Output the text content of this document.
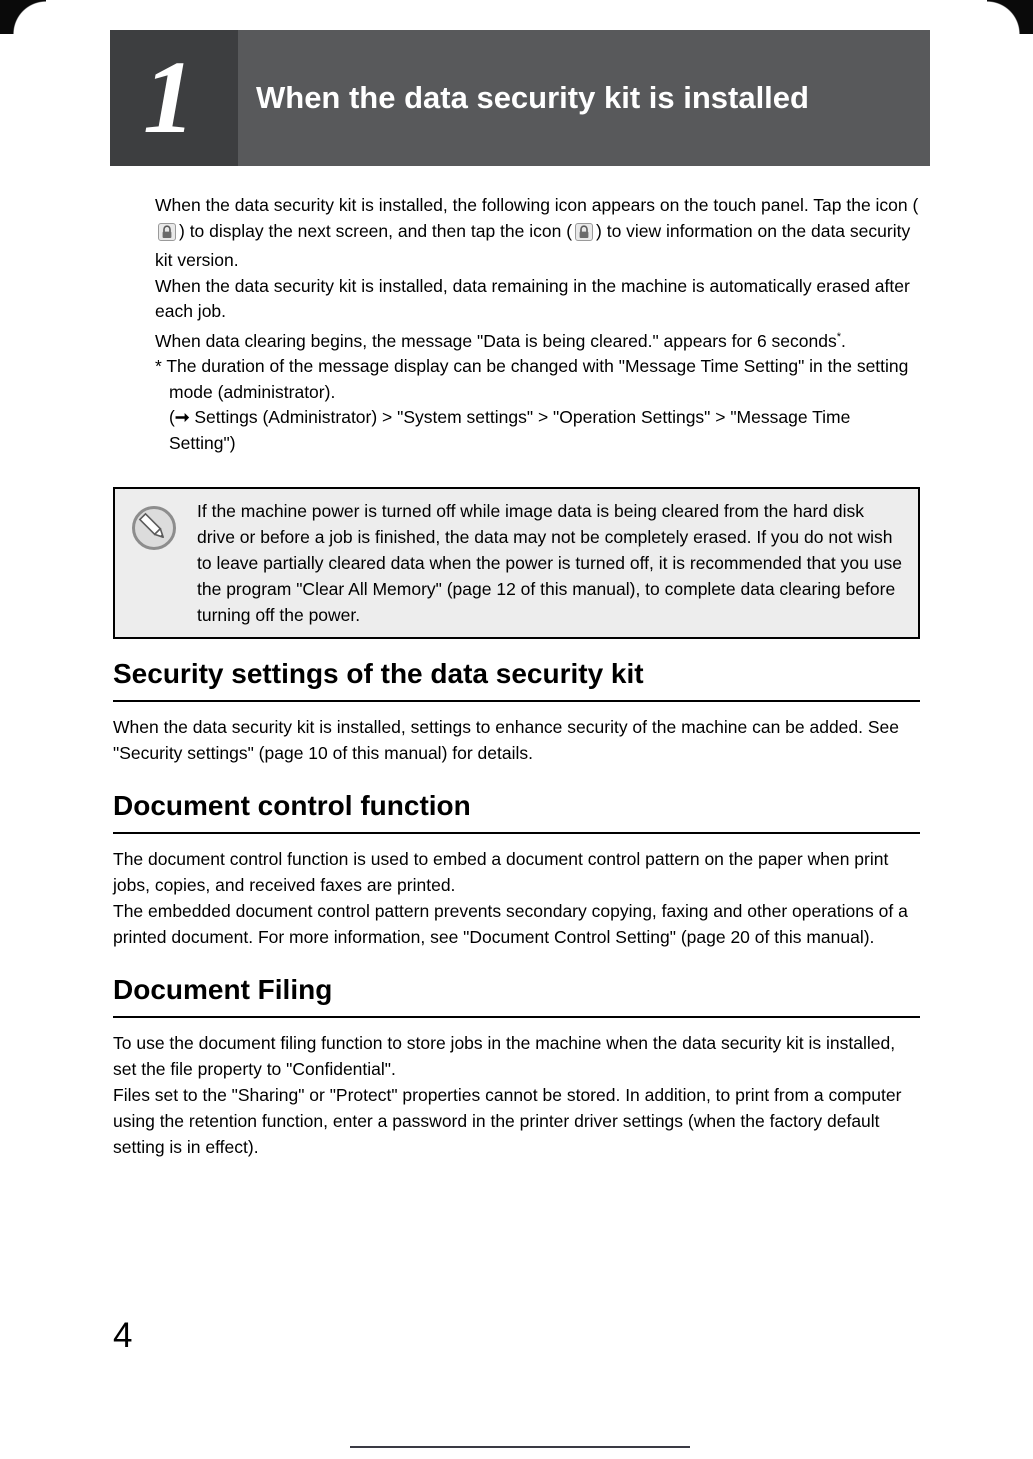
1	When the data security kit is installed

When the data security kit is installed, the following icon appears on the touch panel. Tap the icon () to display the next screen, and then tap the icon ( ) to view information on the data security kit version.

When the data security kit is installed, data remaining in the machine is automatically erased after each job.

When data clearing begins, the message "Data is being cleared." appears for 6 seconds*.

* The duration of the message display can be changed with "Message Time Setting" in the setting mode (administrator).

(➞ Settings (Administrator) > "System settings" > "Operation Settings" > "Message Time Setting")

If the machine power is turned off while image data is being cleared from the hard disk drive or before a job is finished, the data may not be completely erased. If you do not wish to leave partially cleared data when the power is turned off, it is recommended that you use the program "Clear All Memory" (page 12 of this manual), to complete data clearing before turning off the power.

Security settings of the data security kit

When the data security kit is installed, settings to enhance security of the machine can be added. See "Security settings" (page 10 of this manual) for details.

Document control function

The document control function is used to embed a document control pattern on the paper when print jobs, copies, and received faxes are printed.

The embedded document control pattern prevents secondary copying, faxing and other operations of a printed document. For more information, see "Document Control Setting" (page 20 of this manual).

Document Filing

To use the document filing function to store jobs in the machine when the data security kit is installed, set the file property to "Confidential".

Files set to the "Sharing" or "Protect" properties cannot be stored. In addition, to print from a computer using the retention function, enter a password in the printer driver settings (when the factory default setting is in effect).

4
